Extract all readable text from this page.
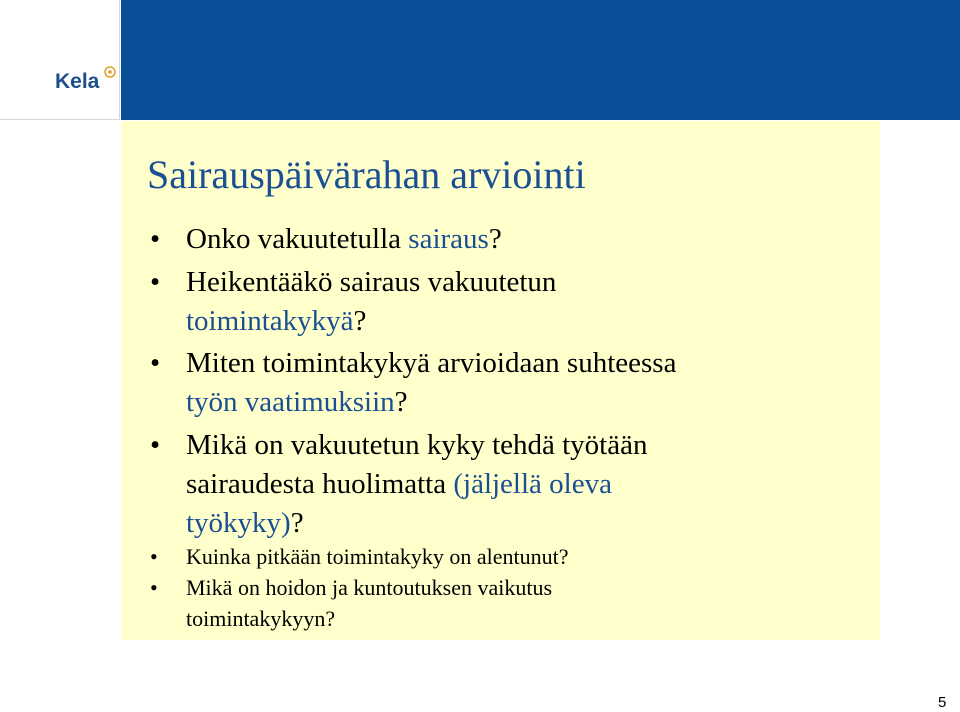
Kela
Sairauspäivärahan arviointi
• Onko vakuutetulla sairaus?
• Heikentääkö sairaus vakuutetun
toimintakykyä?
• Miten toimintakykyä arvioidaan suhteessa
työn vaatimuksiin?
• Mikä on vakuutetun kyky tehdä työtään
sairaudesta huolimatta (jäljellä oleva
työkyky)?
• Kuinka pitkään toimintakyky on alentunut?
• Mikä on hoidon ja kuntoutuksen vaikutus
toimintakykyyn?
5
